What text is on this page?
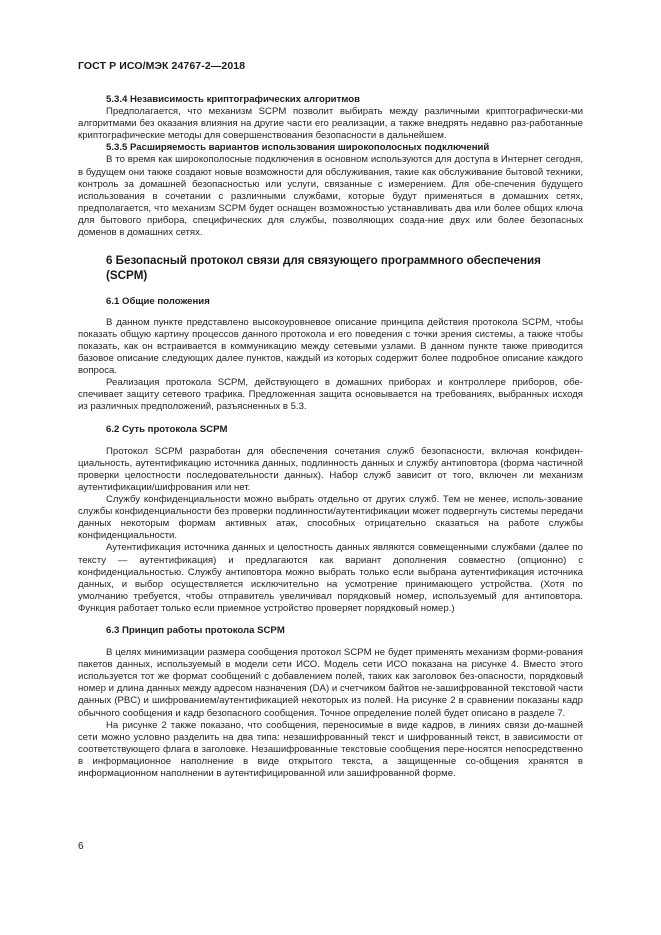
ГОСТ Р ИСО/МЭК 24767-2—2018

5.3.4 Независимость криптографических алгоритмов

Предполагается, что механизм SCPM позволит выбирать между различными криптографически-ми алгоритмами без оказания влияния на другие части его реализации, а также внедрять недавно раз-работанные криптографические методы для совершенствования безопасности в дальнейшем.

5.3.5 Расширяемость вариантов использования широкополосных подключений

В то время как широкополосные подключения в основном используются для доступа в Интернет сегодня, в будущем они также создают новые возможности для обслуживания, такие как обслуживание бытовой техники, контроль за домашней безопасностью или услуги, связанные с измерением. Для обе-спечения будущего использования в сочетании с различными службами, которые будут применяться в домашних сетях, предполагается, что механизм SCPM будет оснащен возможностью устанавливать два или более общих ключа для бытового прибора, специфических для службы, позволяющих созда-ние двух или более безопасных доменов в домашних сетях.

6 Безопасный протокол связи для связующего программного обеспечения (SCPM)

6.1 Общие положения

В данном пункте представлено высокоуровневое описание принципа действия протокола SCPM, чтобы показать общую картину процессов данного протокола и его поведения с точки зрения системы, а также чтобы показать, как он встраивается в коммуникацию между сетевыми узлами. В данном пункте также приводится базовое описание следующих далее пунктов, каждый из которых содержит более подробное описание каждого вопроса.

Реализация протокола SCPM, действующего в домашних приборах и контроллере приборов, обе-спечивает защиту сетевого трафика. Предложенная защита основывается на требованиях, выбранных исходя из различных предположений, разъясненных в 5.3.

6.2 Суть протокола SCPM

Протокол SCPM разработан для обеспечения сочетания служб безопасности, включая конфиден-циальность, аутентификацию источника данных, подлинность данных и службу антиповтора (форма частичной проверки целостности последовательности данных). Набор служб зависит от того, включен ли механизм аутентификации/шифрования или нет.

Службу конфиденциальности можно выбрать отдельно от других служб. Тем не менее, исполь-зование службы конфиденциальности без проверки подлинности/аутентификации может подвергнуть системы передачи данных некоторым формам активных атак, способных отрицательно сказаться на работе службы конфиденциальности.

Аутентификация источника данных и целостность данных являются совмещенными службами (далее по тексту — аутентификация) и предлагаются как вариант дополнения совместно (опционно) с конфиденциальностью. Службу антиповтора можно выбрать только если выбрана аутентификация источника данных, и выбор осуществляется исключительно на усмотрение принимающего устройства. (Хотя по умолчанию требуется, чтобы отправитель увеличивал порядковый номер, используемый для антиповтора. Функция работает только если приемное устройство проверяет порядковый номер.)

6.3 Принцип работы протокола SCPM

В целях минимизации размера сообщения протокол SCPM не будет применять механизм форми-рования пакетов данных, используемый в модели сети ИСО. Модель сети ИСО показана на рисунке 4. Вместо этого используется тот же формат сообщений с добавлением полей, таких как заголовок без-опасности, порядковый номер и длина данных между адресом назначения (DA) и счетчиком байтов не-зашифрованной текстовой части данных (PBC) и шифрованием/аутентификацией некоторых из полей. На рисунке 2 в сравнении показаны кадр обычного сообщения и кадр безопасного сообщения. Точное определение полей будет описано в разделе 7.

На рисунке 2 также показано, что сообщения, переносимые в виде кадров, в линиях связи до-машней сети можно условно разделить на два типа: незашифрованный текст и шифрованный текст, в зависимости от соответствующего флага в заголовке. Незашифрованные текстовые сообщения пере-носятся непосредственно в информационное наполнение в виде открытого текста, а защищенные со-общения хранятся в информационном наполнении в аутентифицированной или зашифрованной форме.

6
